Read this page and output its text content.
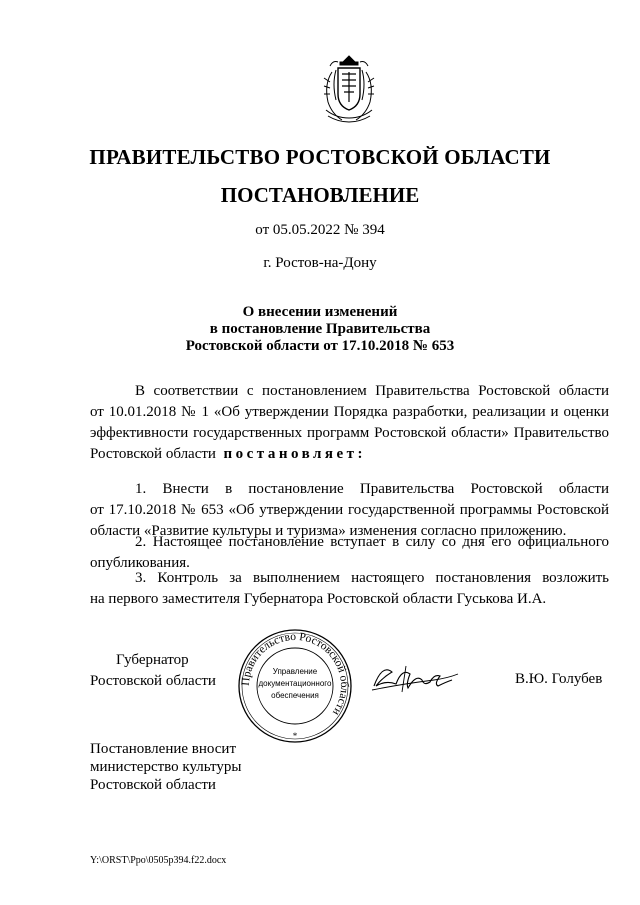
ПРАВИТЕЛЬСТВО РОСТОВСКОЙ ОБЛАСТИ
ПОСТАНОВЛЕНИЕ
от 05.05.2022 № 394
г. Ростов-на-Дону
О внесении изменений
в постановление Правительства
Ростовской области от 17.10.2018 № 653
В соответствии с постановлением Правительства Ростовской области
от 10.01.2018 № 1 «Об утверждении Порядка разработки, реализации и оценки
эффективности государственных программ Ростовской области» Правительство
Ростовской области постановляет:
1. Внести в постановление Правительства Ростовской области
от 17.10.2018 № 653 «Об утверждении государственной программы Ростовской
области «Развитие культуры и туризма» изменения согласно приложению.
2. Настоящее постановление вступает в силу со дня его официального
опубликования.
3. Контроль за выполнением настоящего постановления возложить
на первого заместителя Губернатора Ростовской области Гуськова И.А.
Губернатор
Ростовской области Правительство Ростовской области
Управление
документационного
обеспечения
*
В.Ю. Голубев
Постановление вносит
министерство культуры
Ростовской области
Y:\ORST\Ppo\0505p394.f22.docx
